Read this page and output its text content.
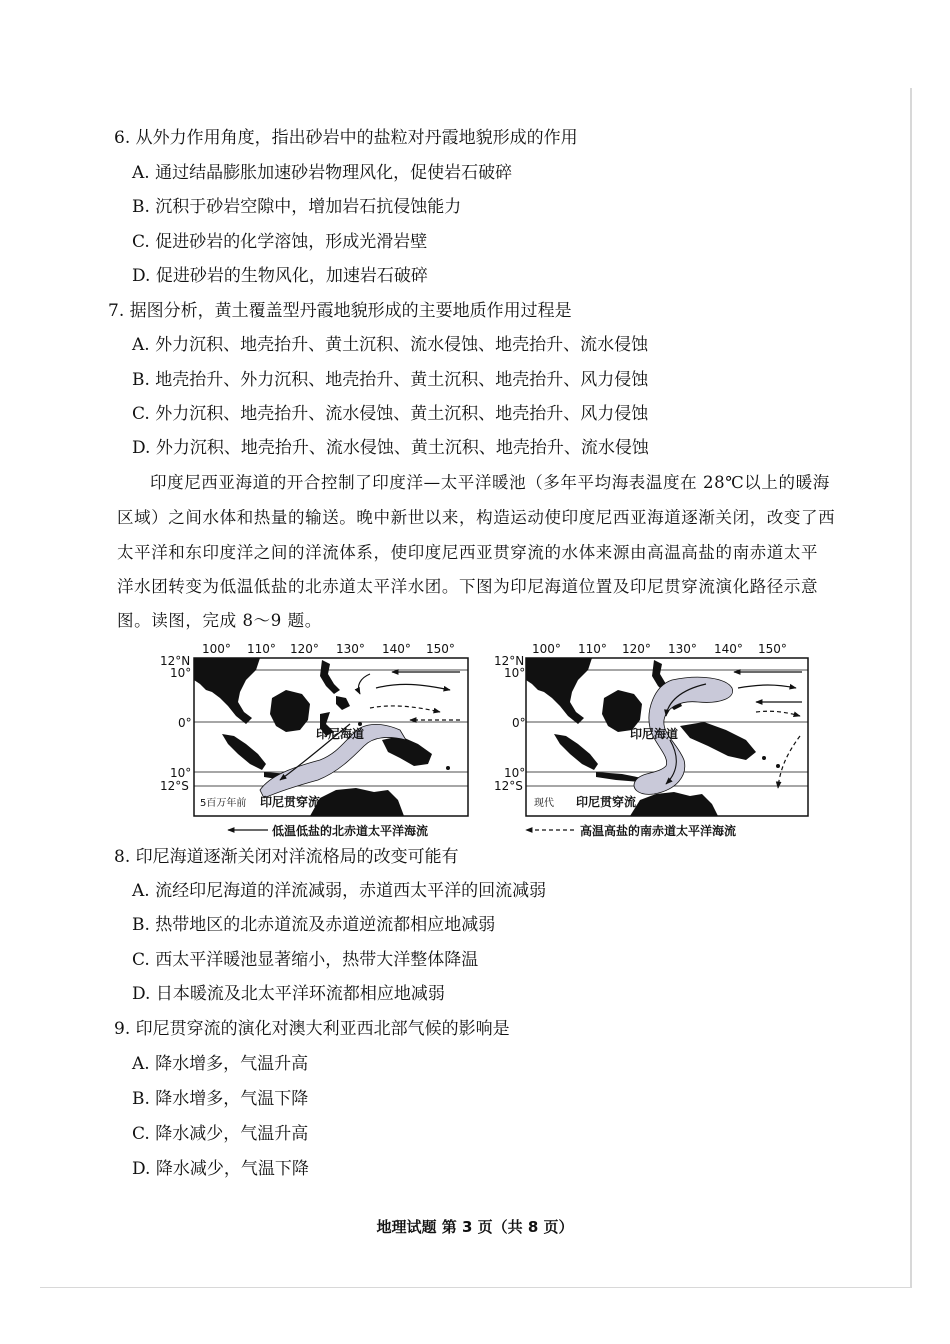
6. 从外力作用角度，指出砂岩中的盐粒对丹霞地貌形成的作用
A. 通过结晶膨胀加速砂岩物理风化，促使岩石破碎
B. 沉积于砂岩空隙中，增加岩石抗侵蚀能力
C. 促进砂岩的化学溶蚀，形成光滑岩壁
D. 促进砂岩的生物风化，加速岩石破碎
7. 据图分析，黄土覆盖型丹霞地貌形成的主要地质作用过程是
A. 外力沉积、地壳抬升、黄土沉积、流水侵蚀、地壳抬升、流水侵蚀
B. 地壳抬升、外力沉积、地壳抬升、黄土沉积、地壳抬升、风力侵蚀
C. 外力沉积、地壳抬升、流水侵蚀、黄土沉积、地壳抬升、风力侵蚀
D. 外力沉积、地壳抬升、流水侵蚀、黄土沉积、地壳抬升、流水侵蚀
印度尼西亚海道的开合控制了印度洋—太平洋暖池（多年平均海表温度在 28℃以上的暖海
区域）之间水体和热量的输送。晚中新世以来，构造运动使印度尼西亚海道逐渐关闭，改变了西
太平洋和东印度洋之间的洋流体系，使印度尼西亚贯穿流的水体来源由高温高盐的南赤道太平
洋水团转变为低温低盐的北赤道太平洋水团。下图为印尼海道位置及印尼贯穿流演化路径示意
图。读图，完成 8～9 题。
100° 110° 120° 130° 140° 150°
12°N
10°
0°
10°
12°S
印尼海道
5百万年前 印尼贯穿流
100° 110° 120° 130° 140° 150°
12°N
10°
0°
10°
12°S
印尼海道
现代 印尼贯穿流
低温低盐的北赤道太平洋海流	高温高盐的南赤道太平洋海流
8. 印尼海道逐渐关闭对洋流格局的改变可能有
A. 流经印尼海道的洋流减弱，赤道西太平洋的回流减弱
B. 热带地区的北赤道流及赤道逆流都相应地减弱
C. 西太平洋暖池显著缩小，热带大洋整体降温
D. 日本暖流及北太平洋环流都相应地减弱
9. 印尼贯穿流的演化对澳大利亚西北部气候的影响是
A. 降水增多，气温升高
B. 降水增多，气温下降
C. 降水减少，气温升高
D. 降水减少，气温下降
地理试题 第 3 页（共 8 页）
